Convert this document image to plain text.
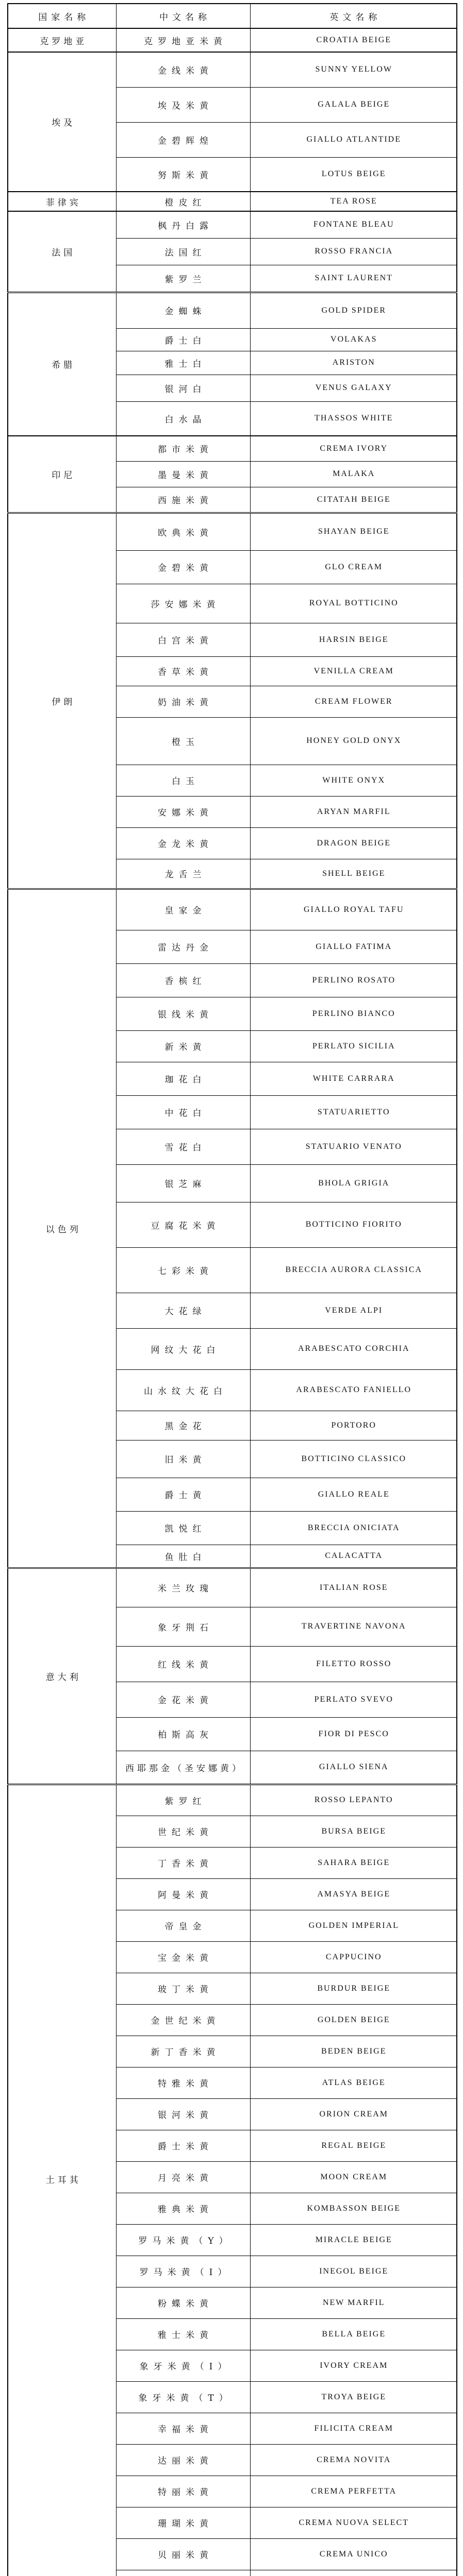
国家名称	中文名称	英文名称
克罗地亚	克罗地亚米黄	CROATIA BEIGE
埃及	金线米黄	SUNNY YELLOW
	埃及米黄	GALALA BEIGE
	金碧辉煌	GIALLO ATLANTIDE
	努斯米黄	LOTUS BEIGE
菲律宾	橙皮红	TEA ROSE
法国	枫丹白露	FONTANE BLEAU
	法国红	ROSSO FRANCIA
	紫罗兰	SAINT LAURENT
希腊	金蜘蛛	GOLD SPIDER
	爵士白	VOLAKAS
	雅士白	ARISTON
	银河白	VENUS GALAXY
	白水晶	THASSOS WHITE
印尼	都市米黄	CREMA IVORY
	墨曼米黄	MALAKA
	西施米黄	CITATAH BEIGE
伊朗	欧典米黄	SHAYAN BEIGE
	金碧米黄	GLO CREAM
	莎安娜米黄	ROYAL BOTTICINO
	白宫米黄	HARSIN BEIGE
	香草米黄	VENILLA CREAM
	奶油米黄	CREAM FLOWER
	橙玉	HONEY GOLD ONYX
	白玉	WHITE ONYX
	安娜米黄	ARYAN MARFIL
	金龙米黄	DRAGON BEIGE
	龙舌兰	SHELL BEIGE
以色列	皇家金	GIALLO ROYAL TAFU
	雷达丹金	GIALLO FATIMA
	香槟红	PERLINO ROSATO
	银线米黄	PERLINO BIANCO
	新米黄	PERLATO SICILIA
	珈花白	WHITE CARRARA
	中花白	STATUARIETTO
	雪花白	STATUARIO VENATO
	银芝麻	BHOLA GRIGIA
	豆腐花米黄	BOTTICINO FIORITO
	七彩米黄	BRECCIA AURORA CLASSICA
	大花绿	VERDE ALPI
	网纹大花白	ARABESCATO CORCHIA
	山水纹大花白	ARABESCATO FANIELLO
	黑金花	PORTORO
	旧米黄	BOTTICINO CLASSICO
	爵士黄	GIALLO REALE
	凯悦红	BRECCIA ONICIATA
	鱼肚白	CALACATTA
意大利	米兰玫瑰	ITALIAN ROSE
	象牙荆石	TRAVERTINE NAVONA
	红线米黄	FILETTO ROSSO
	金花米黄	PERLATO SVEVO
	柏斯高灰	FIOR DI PESCO
	西耶那金（圣安娜黄）	GIALLO SIENA
土耳其	紫罗红	ROSSO LEPANTO
	世纪米黄	BURSA BEIGE
	丁香米黄	SAHARA BEIGE
	阿曼米黄	AMASYA BEIGE
	帝皇金	GOLDEN IMPERIAL
	宝金米黄	CAPPUCINO
	玻丁米黄	BURDUR BEIGE
	金世纪米黄	GOLDEN BEIGE
	新丁香米黄	BEDEN BEIGE
	特雅米黄	ATLAS BEIGE
	银河米黄	ORION CREAM
	爵士米黄	REGAL BEIGE
	月亮米黄	MOON CREAM
	雅典米黄	KOMBASSON BEIGE
	罗马米黄（Y）	MIRACLE BEIGE
	罗马米黄（I）	INEGOL BEIGE
	粉蝶米黄	NEW MARFIL
	雅士米黄	BELLA BEIGE
	象牙米黄（I）	IVORY CREAM
	象牙米黄（T）	TROYA BEIGE
	幸福米黄	FILICITA CREAM
	达丽米黄	CREMA NOVITA
	特丽米黄	CREMA PERFETTA
	珊瑚米黄	CREMA NUOVA SELECT
	贝丽米黄	CREMA UNICO
